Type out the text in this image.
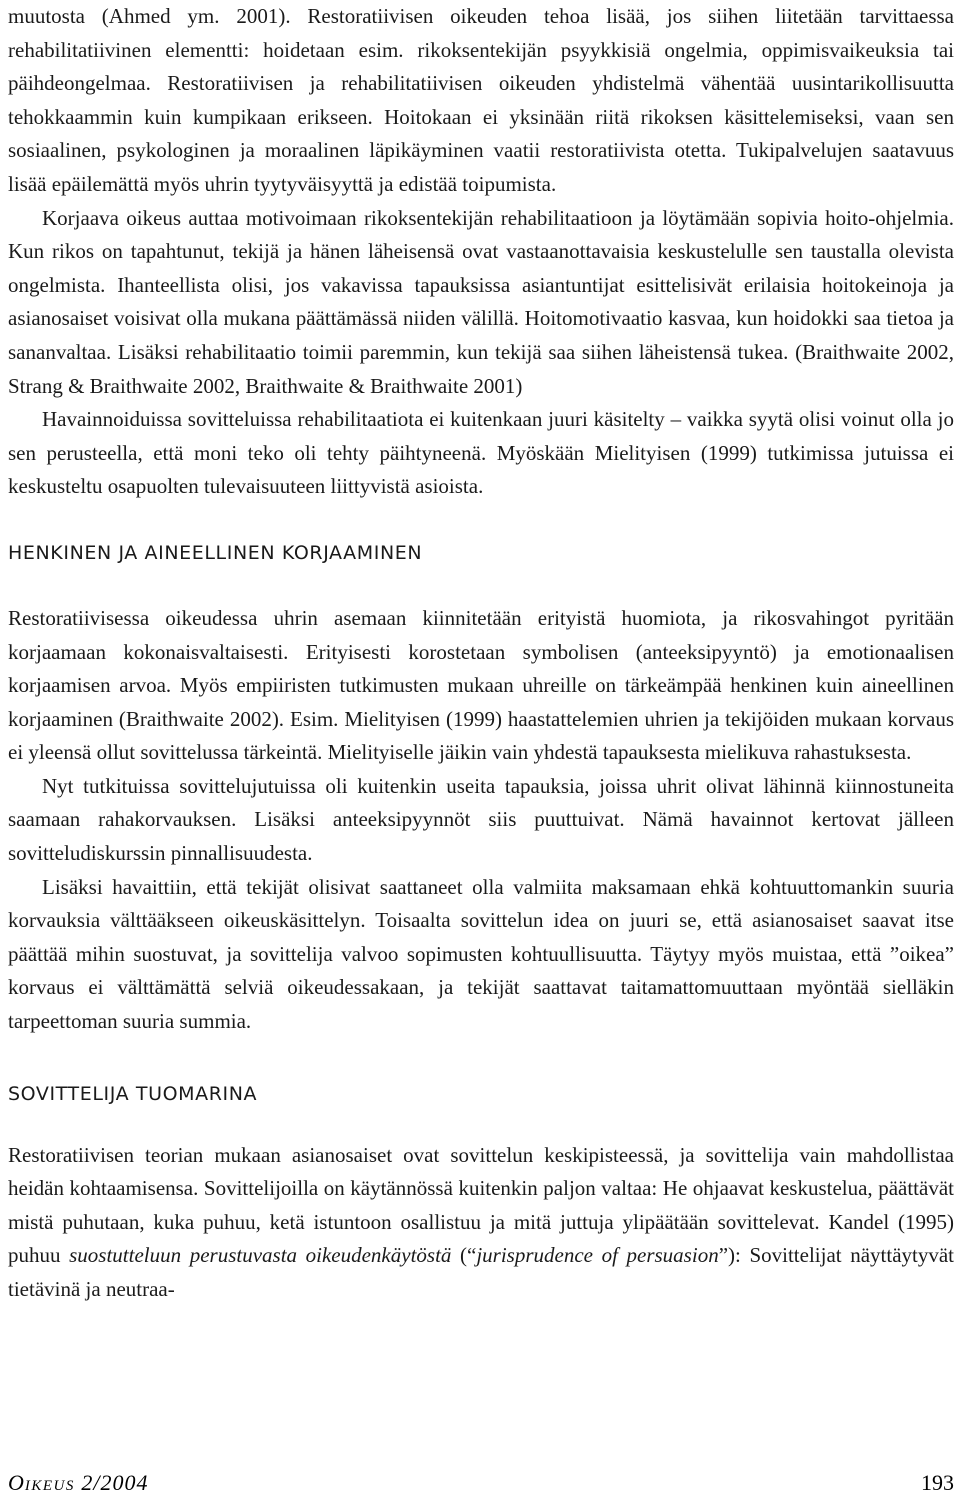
muutosta (Ahmed ym. 2001). Restoratiivisen oikeuden tehoa lisää, jos siihen liitetään tarvittaessa rehabilitatiivinen elementti: hoidetaan esim. rikoksentekijän psyykkisiä ongelmia, oppimisvaikeuksia tai päihdeongelmaa. Restoratiivisen ja rehabilitatiivisen oikeuden yhdistelmä vähentää uusintarikollisuutta tehokkaammin kuin kumpikaan erikseen. Hoitokaan ei yksinään riitä rikoksen käsittelemiseksi, vaan sen sosiaalinen, psykologinen ja moraalinen läpikäyminen vaatii restoratiivista otetta. Tukipalvelujen saatavuus lisää epäilemättä myös uhrin tyytyväisyyttä ja edistää toipumista.

Korjaava oikeus auttaa motivoimaan rikoksentekijän rehabilitaatioon ja löytämään sopivia hoito-ohjelmia. Kun rikos on tapahtunut, tekijä ja hänen läheisensä ovat vastaanottavaisia keskustelulle sen taustalla olevista ongelmista. Ihanteellista olisi, jos vakavissa tapauksissa asiantuntijat esittelisivät erilaisia hoitokeinoja ja asianosaiset voisivat olla mukana päättämässä niiden välillä. Hoitomotivaatio kasvaa, kun hoidokki saa tietoa ja sananvaltaa. Lisäksi rehabilitaatio toimii paremmin, kun tekijä saa siihen läheistensä tukea. (Braithwaite 2002, Strang & Braithwaite 2002, Braithwaite & Braithwaite 2001)

Havainnoiduissa sovitteluissa rehabilitaatiota ei kuitenkaan juuri käsitelty – vaikka syytä olisi voinut olla jo sen perusteella, että moni teko oli tehty päihtyneenä. Myöskään Mielityisen (1999) tutkimissa jutuissa ei keskusteltu osapuolten tulevaisuuteen liittyvistä asioista.

HENKINEN JA AINEELLINEN KORJAAMINEN

Restoratiivisessa oikeudessa uhrin asemaan kiinnitetään erityistä huomiota, ja rikosvahingot pyritään korjaamaan kokonaisvaltaisesti. Erityisesti korostetaan symbolisen (anteeksipyyntö) ja emotionaalisen korjaamisen arvoa. Myös empiiristen tutkimusten mukaan uhreille on tärkeämpää henkinen kuin aineellinen korjaaminen (Braithwaite 2002). Esim. Mielityisen (1999) haastattelemien uhrien ja tekijöiden mukaan korvaus ei yleensä ollut sovittelussa tärkeintä. Mielityiselle jäikin vain yhdestä tapauksesta mielikuva rahastuksesta.

Nyt tutkituissa sovittelujutuissa oli kuitenkin useita tapauksia, joissa uhrit olivat lähinnä kiinnostuneita saamaan rahakorvauksen. Lisäksi anteeksipyynnöt siis puuttuivat. Nämä havainnot kertovat jälleen sovitteludiskurssin pinnallisuudesta.

Lisäksi havaittiin, että tekijät olisivat saattaneet olla valmiita maksamaan ehkä kohtuuttomankin suuria korvauksia välttääkseen oikeuskäsittelyn. Toisaalta sovittelun idea on juuri se, että asianosaiset saavat itse päättää mihin suostuvat, ja sovittelija valvoo sopimusten kohtuullisuutta. Täytyy myös muistaa, että ”oikea” korvaus ei välttämättä selviä oikeudessakaan, ja tekijät saattavat taitamattomuuttaan myöntää sielläkin tarpeettoman suuria summia.

SOVITTELIJA TUOMARINA

Restoratiivisen teorian mukaan asianosaiset ovat sovittelun keskipisteessä, ja sovittelija vain mahdollistaa heidän kohtaamisensa. Sovittelijoilla on käytännössä kuitenkin paljon valtaa: He ohjaavat keskustelua, päättävät mistä puhutaan, kuka puhuu, ketä istuntoon osallistuu ja mitä juttuja ylipäätään sovittelevat. Kandel (1995) puhuu suostutteluun perustuvasta oikeudenkäytöstä (“jurisprudence of persuasion”): Sovittelijat näyttäytyvät tietävinä ja neutraa-

OIKEUS 2/2004	193
